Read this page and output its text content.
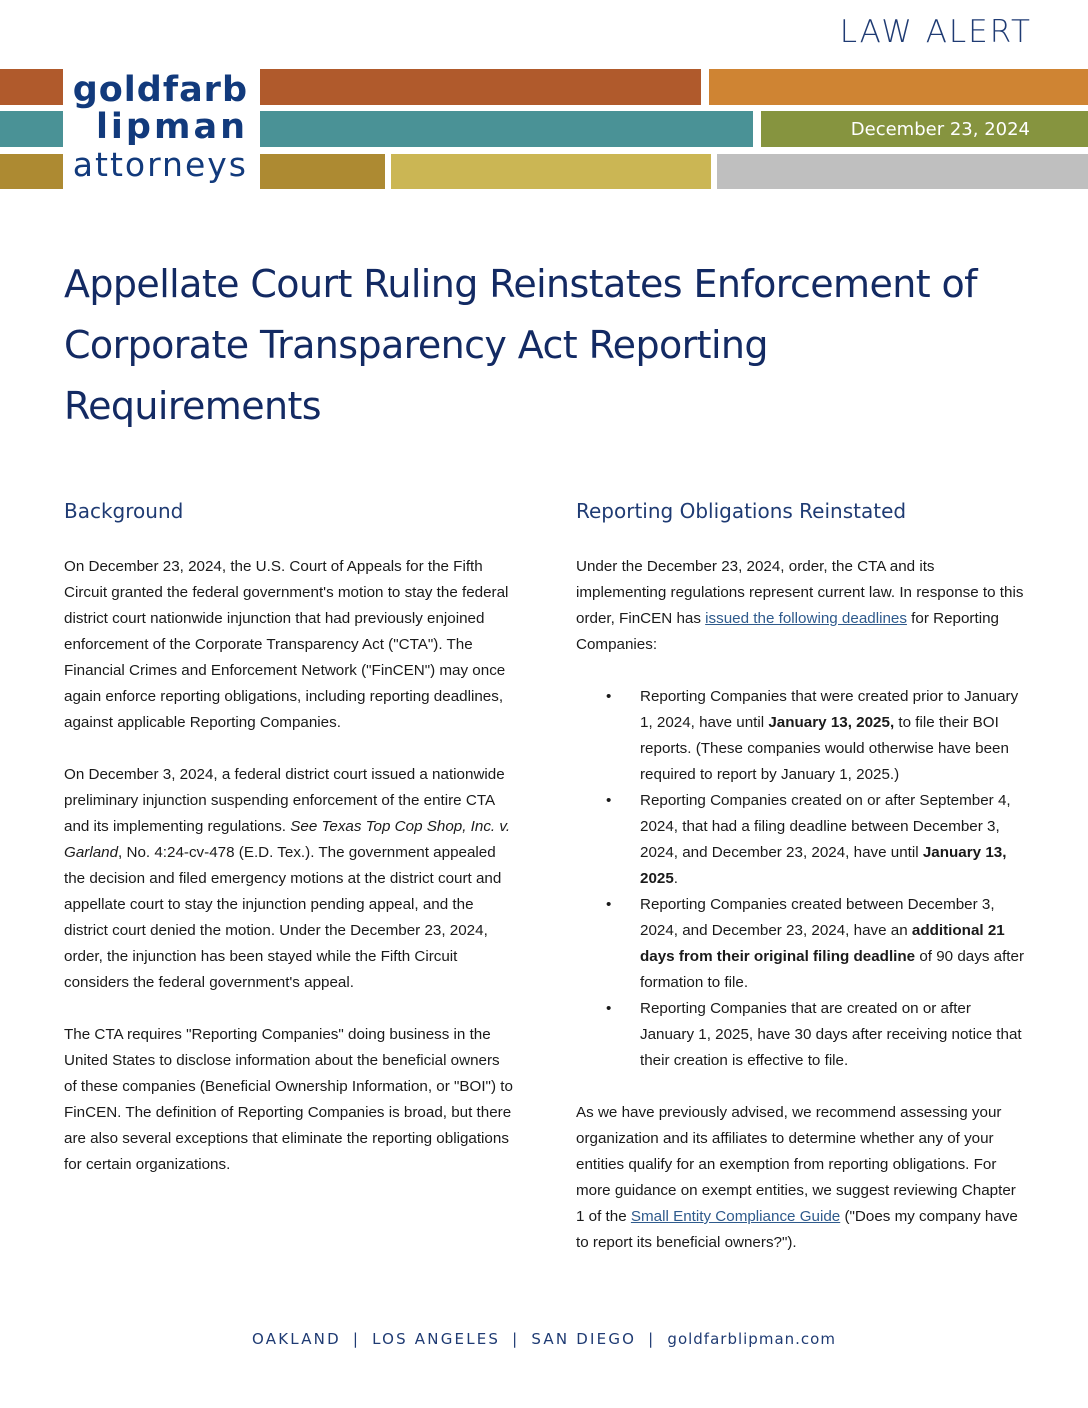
LAW ALERT
goldfarb
lipman
attorneys
December 23, 2024
Appellate Court Ruling Reinstates Enforcement of Corporate Transparency Act Reporting Requirements
Background

On December 23, 2024, the U.S. Court of Appeals for the Fifth Circuit granted the federal government's motion to stay the federal district court nationwide injunction that had previously enjoined enforcement of the Corporate Transparency Act ("CTA"). The Financial Crimes and Enforcement Network ("FinCEN") may once again enforce reporting obligations, including reporting deadlines, against applicable Reporting Companies.

On December 3, 2024, a federal district court issued a nationwide preliminary injunction suspending enforcement of the entire CTA and its implementing regulations. See Texas Top Cop Shop, Inc. v. Garland, No. 4:24-cv-478 (E.D. Tex.). The government appealed the decision and filed emergency motions at the district court and appellate court to stay the injunction pending appeal, and the district court denied the motion. Under the December 23, 2024, order, the injunction has been stayed while the Fifth Circuit considers the federal government's appeal.

The CTA requires "Reporting Companies" doing business in the United States to disclose information about the beneficial owners of these companies (Beneficial Ownership Information, or "BOI") to FinCEN. The definition of Reporting Companies is broad, but there are also several exceptions that eliminate the reporting obligations for certain organizations.

Reporting Obligations Reinstated

Under the December 23, 2024, order, the CTA and its implementing regulations represent current law. In response to this order, FinCEN has issued the following deadlines for Reporting Companies:

• Reporting Companies that were created prior to January 1, 2024, have until January 13, 2025, to file their BOI reports. (These companies would otherwise have been required to report by January 1, 2025.)
• Reporting Companies created on or after September 4, 2024, that had a filing deadline between December 3, 2024, and December 23, 2024, have until January 13, 2025.
• Reporting Companies created between December 3, 2024, and December 23, 2024, have an additional 21 days from their original filing deadline of 90 days after formation to file.
• Reporting Companies that are created on or after January 1, 2025, have 30 days after receiving notice that their creation is effective to file.

As we have previously advised, we recommend assessing your organization and its affiliates to determine whether any of your entities qualify for an exemption from reporting obligations. For more guidance on exempt entities, we suggest reviewing Chapter 1 of the Small Entity Compliance Guide ("Does my company have to report its beneficial owners?").

OAKLAND | LOS ANGELES | SAN DIEGO | goldfarblipman.com
